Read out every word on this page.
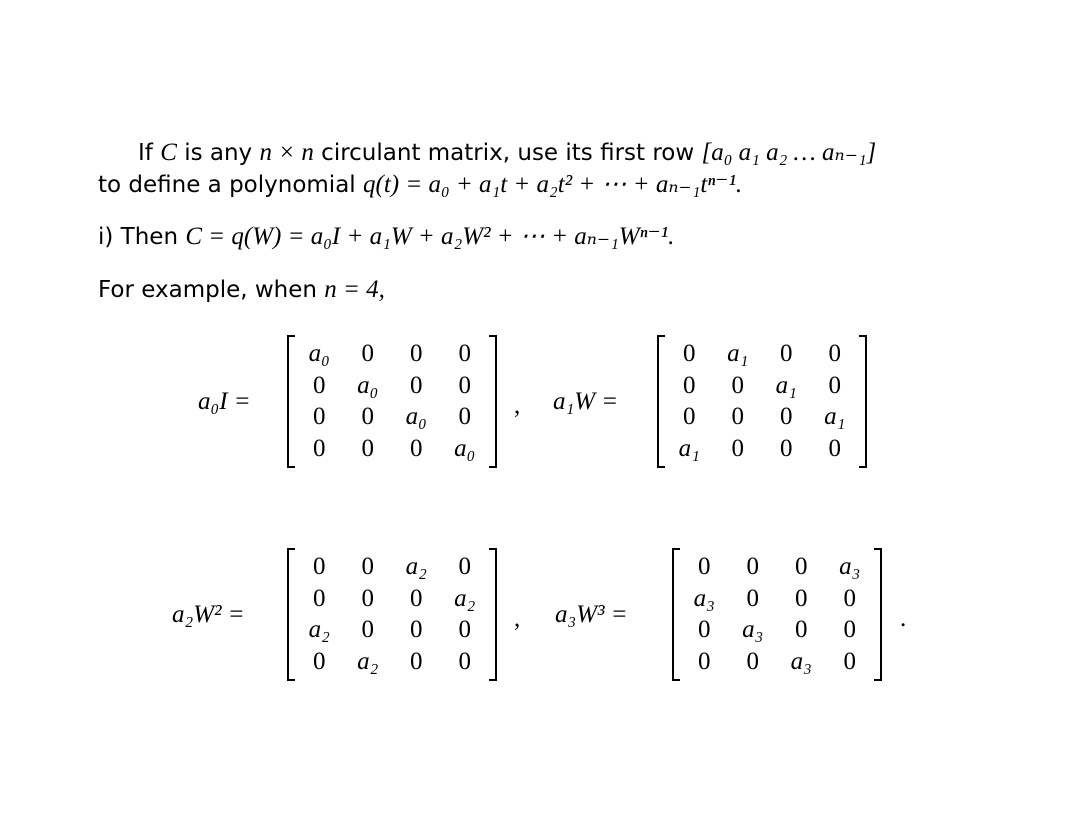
If C is any n × n circulant matrix, use its first row [a₀ a₁ a₂ … aₙ₋₁]
to define a polynomial q(t) = a₀ + a₁t + a₂t² + ⋯ + aₙ₋₁tⁿ⁻¹.
i) Then C = q(W) = a₀I + a₁W + a₂W² + ⋯ + aₙ₋₁Wⁿ⁻¹.
For example, when n = 4,
a₀I =
a₀	0	0	0
0	a₀	0	0
0	0	a₀	0
0	0	0	a₀
, a₁W =
0	a₁	0	0
0	0	a₁	0
0	0	0	a₁
a₁	0	0	0
a₂W² =
0	0	a₂	0
0	0	0	a₂
a₂	0	0	0
0	a₂	0	0
, a₃W³ =
0	0	0	a₃
a₃	0	0	0
0	a₃	0	0
0	0	a₃	0
.
